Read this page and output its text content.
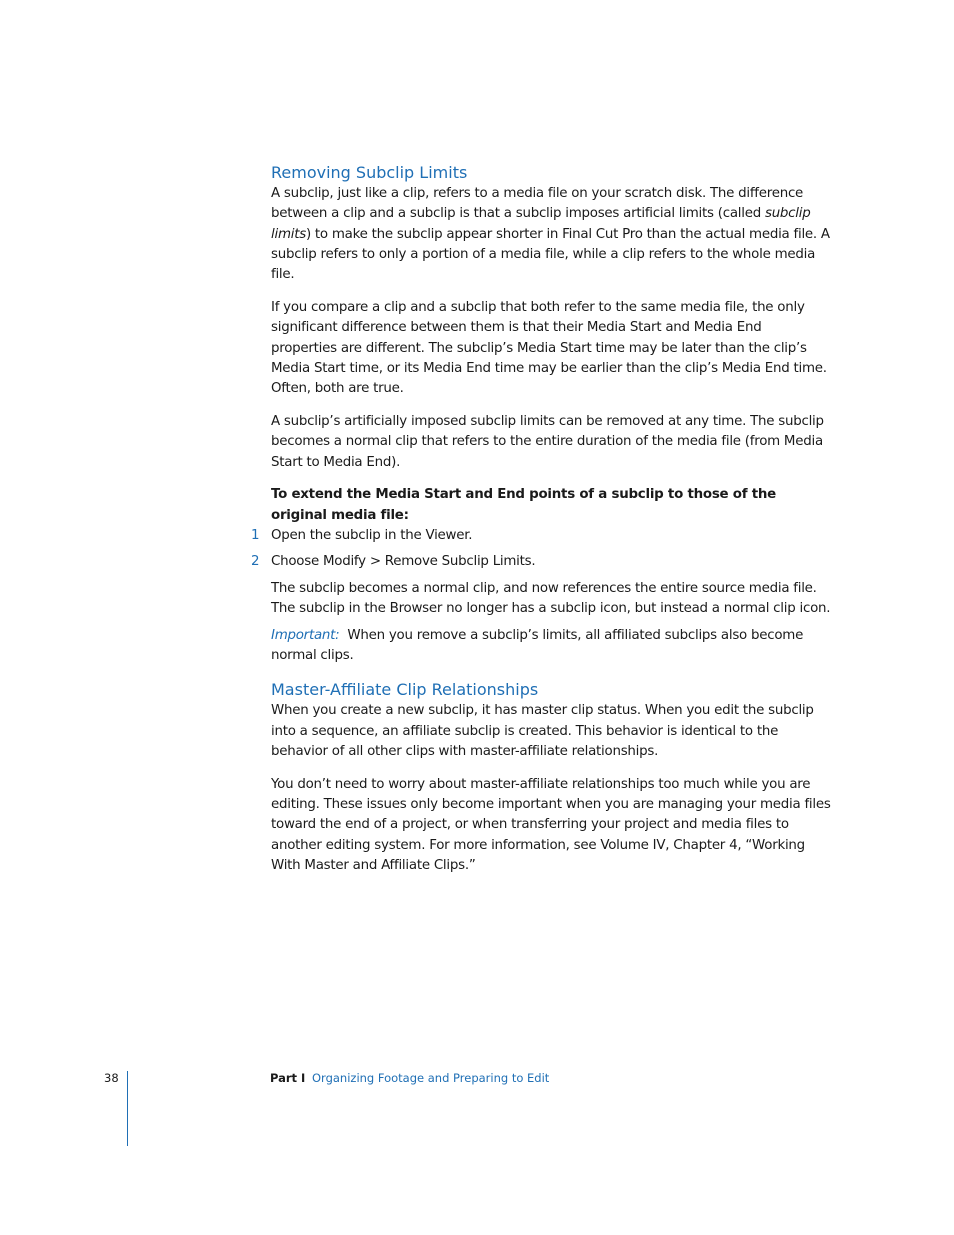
Removing Subclip Limits

A subclip, just like a clip, refers to a media file on your scratch disk. The difference between a clip and a subclip is that a subclip imposes artificial limits (called subclip limits) to make the subclip appear shorter in Final Cut Pro than the actual media file. A subclip refers to only a portion of a media file, while a clip refers to the whole media file.

If you compare a clip and a subclip that both refer to the same media file, the only significant difference between them is that their Media Start and Media End properties are different. The subclip’s Media Start time may be later than the clip’s Media Start time, or its Media End time may be earlier than the clip’s Media End time. Often, both are true.

A subclip’s artificially imposed subclip limits can be removed at any time. The subclip becomes a normal clip that refers to the entire duration of the media file (from Media Start to Media End).

To extend the Media Start and End points of a subclip to those of the original media file:

1 Open the subclip in the Viewer.
2 Choose Modify > Remove Subclip Limits.

The subclip becomes a normal clip, and now references the entire source media file. The subclip in the Browser no longer has a subclip icon, but instead a normal clip icon.

Important: When you remove a subclip’s limits, all affiliated subclips also become normal clips.

Master-Affiliate Clip Relationships

When you create a new subclip, it has master clip status. When you edit the subclip into a sequence, an affiliate subclip is created. This behavior is identical to the behavior of all other clips with master-affiliate relationships.

You don’t need to worry about master-affiliate relationships too much while you are editing. These issues only become important when you are managing your media files toward the end of a project, or when transferring your project and media files to another editing system. For more information, see Volume IV, Chapter 4, “Working With Master and Affiliate Clips.”

38	Part I Organizing Footage and Preparing to Edit
